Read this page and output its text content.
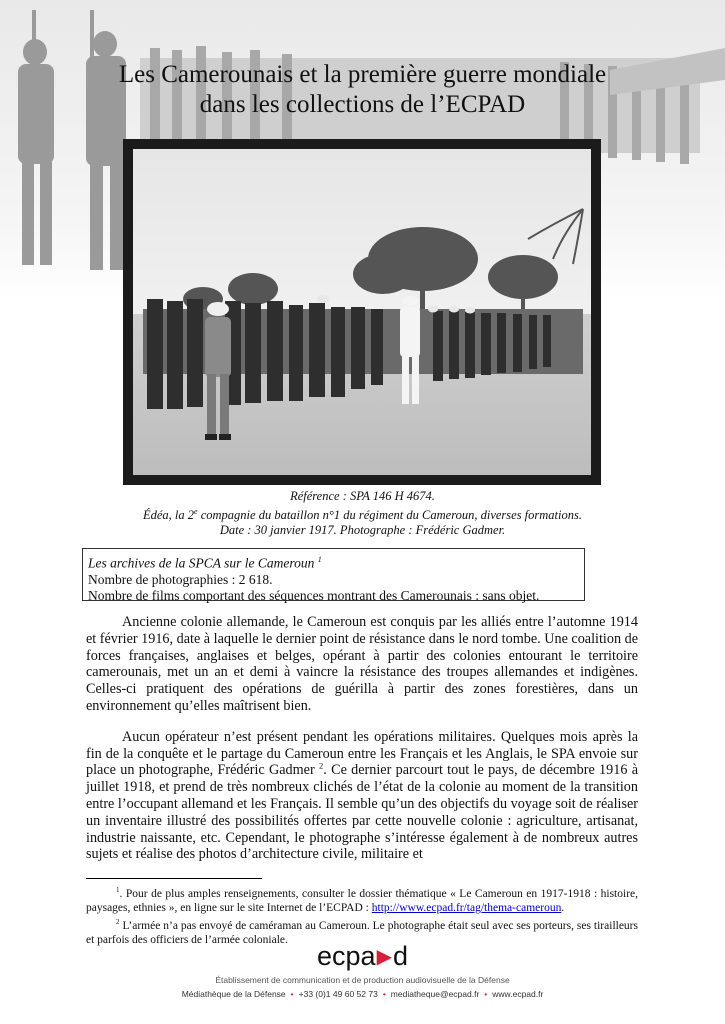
Les Camerounais et la première guerre mondiale
dans les collections de l’ECPAD
Référence : SPA 146 H 4674.
Édéa, la 2e compagnie du bataillon n°1 du régiment du Cameroun, diverses formations.
Date : 30 janvier 1917. Photographe : Frédéric Gadmer.
Les archives de la SPCA sur le Cameroun $^1$
Nombre de photographies : 2 618.
Nombre de films comportant des séquences montrant des Camerounais : sans objet.

Ancienne colonie allemande, le Cameroun est conquis par les alliés entre l’automne 1914 et février 1916, date à laquelle le dernier point de résistance dans le nord tombe. Une coalition de forces françaises, anglaises et belges, opérant à partir des colonies entourant le territoire camerounais, met un an et demi à vaincre la résistance des troupes allemandes et indigènes. Celles-ci pratiquent des opérations de guérilla à partir des zones forestières, dans un environnement qu’elles maîtrisent bien.

Aucun opérateur n’est présent pendant les opérations militaires. Quelques mois après la fin de la conquête et le partage du Cameroun entre les Français et les Anglais, le SPA envoie sur place un photographe, Frédéric Gadmer $^2$. Ce dernier parcourt tout le pays, de décembre 1916 à juillet 1918, et prend de très nombreux clichés de l’état de la colonie au moment de la transition entre l’occupant allemand et les Français. Il semble qu’un des objectifs du voyage soit de réaliser un inventaire illustré des possibilités offertes par cette nouvelle colonie : agriculture, artisanat, industrie naissante, etc. Cependant, le photographe s’intéresse également à de nombreux autres sujets et réalise des photos d’architecture civile, militaire et

$^1$. Pour de plus amples renseignements, consulter le dossier thématique « Le Cameroun en 1917-1918 : histoire, paysages, ethnies », en ligne sur le site Internet de l’ECPAD : http://www.ecpad.fr/tag/thema-cameroun.

$^2$ L’armée n’a pas envoyé de caméraman au Cameroun. Le photographe était seul avec ses porteurs, ses tirailleurs et parfois des officiers de l’armée coloniale.

ecpa▶d
Établissement de communication et de production audiovisuelle de la Défense
Médiathèque de la Défense • +33 (0)1 49 60 52 73 • mediatheque@ecpad.fr • www.ecpad.fr
